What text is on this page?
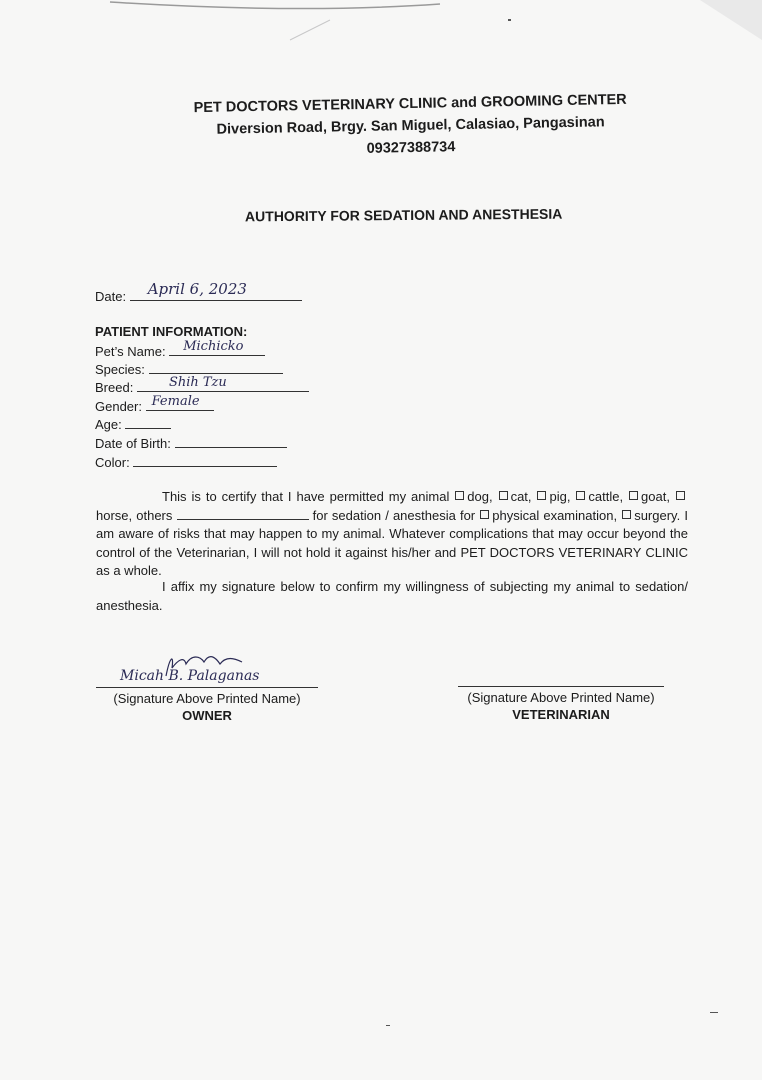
PET DOCTORS VETERINARY CLINIC and GROOMING CENTER
Diversion Road, Brgy. San Miguel, Calasiao, Pangasinan
09327388734
AUTHORITY FOR SEDATION AND ANESTHESIA
Date: April 6, 2023
PATIENT INFORMATION:
Pet’s Name: Michicko
Species:
Breed:	Shih Tzu
Gender: Female
Age:
Date of Birth:
Color:
This is to certify that I have permitted my animal dog, cat, pig, cattle, goat, horse, others	for sedation / anesthesia for physical examination, surgery. I am aware of risks that may happen to my animal. Whatever complications that may occur beyond the control of the Veterinarian, I will not hold it against his/her and PET DOCTORS VETERINARY CLINIC as a whole.
I affix my signature below to confirm my willingness of subjecting my animal to sedation/ anesthesia.
Micah B. Palaganas
(Signature Above Printed Name)
OWNER
(Signature Above Printed Name)
VETERINARIAN
